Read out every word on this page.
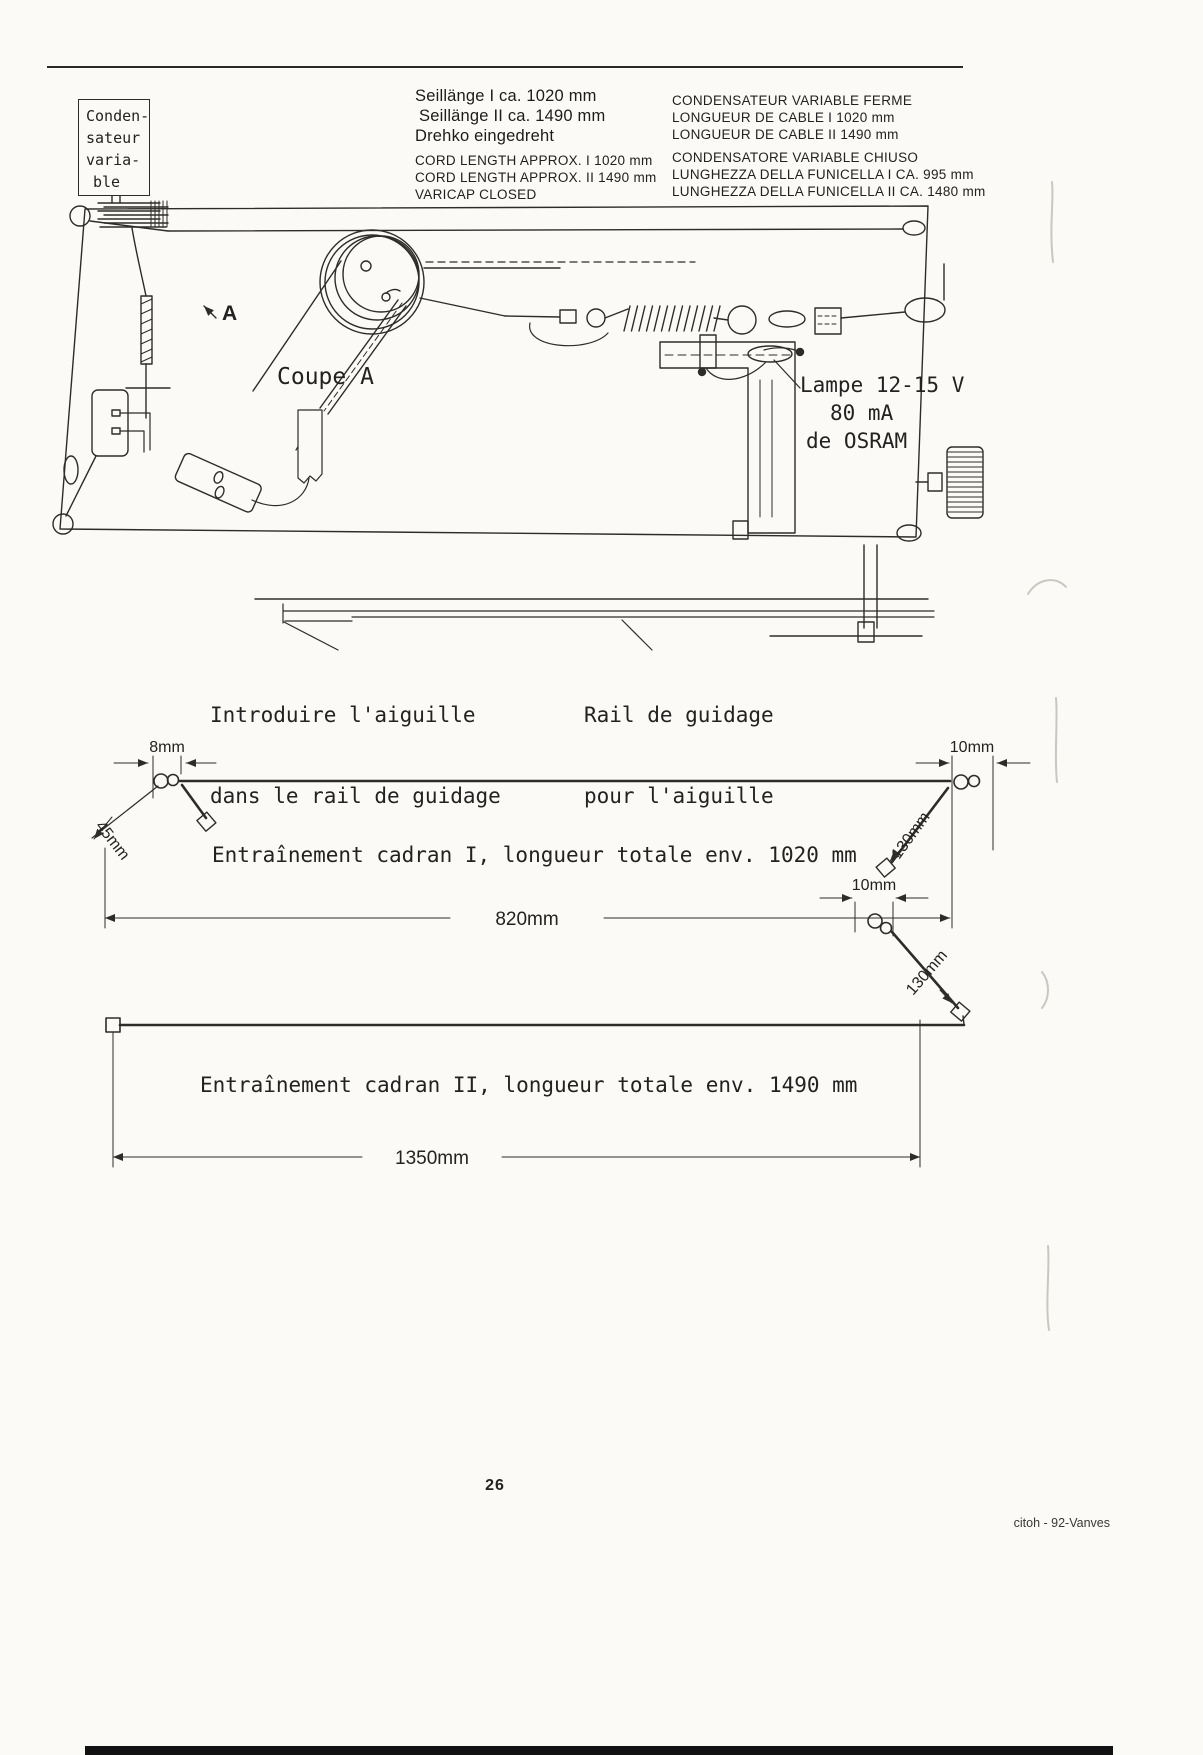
A
Coupe A	Lampe 12-15 V
80 mA
de OSRAM
8mm
45mm
10mm
130mm
820mm
10mm
130mm
1350mm
Conden-
sateur
varia-
ble
Seillänge I ca. 1020 mm
Seillänge II ca. 1490 mm
Drehko eingedreht
CORD LENGTH APPROX. I 1020 mm
CORD LENGTH APPROX. II 1490 mm
VARICAP CLOSED
CONDENSATEUR VARIABLE FERME
LONGUEUR DE CABLE I 1020 mm
LONGUEUR DE CABLE II 1490 mm
CONDENSATORE VARIABLE CHIUSO
LUNGHEZZA DELLA FUNICELLA I CA. 995 mm
LUNGHEZZA DELLA FUNICELLA II CA. 1480 mm

Introduire l'aiguille

dans le rail de guidage

Rail de guidage

pour l'aiguille

Entraînement cadran I, longueur totale env. 1020 mm
Entraînement cadran II, longueur totale env. 1490 mm
26
citoh - 92-Vanves
